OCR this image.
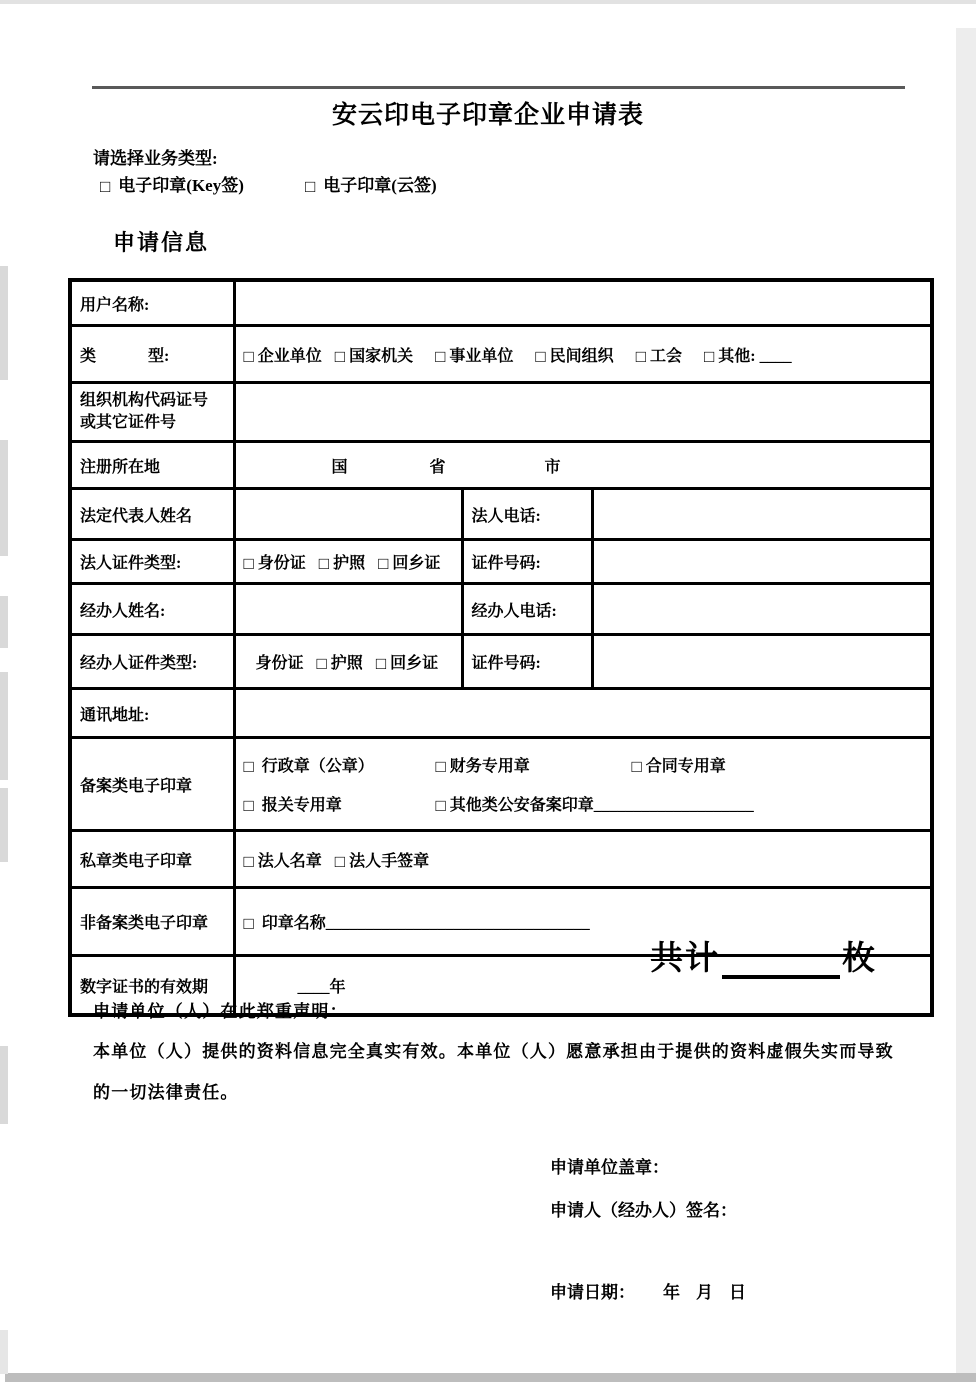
安云印电子印章企业申请表
请选择业务类型:
□ 电子印章(Key签)	□ 电子印章(云签)
申请信息
用户名称:			
类 型:	□ 企业单位 □ 国家机关 □ 事业单位 □ 民间组织 □ 工会 □ 其他: ____		

组织机构代码证号
或其它证件号			

注册所在地	国 省 市		
法定代表人姓名		法人电话:	
法人证件类型:	□ 身份证 □ 护照 □ 回乡证	证件号码:	
经办人姓名:		经办人电话:	
经办人证件类型:	身份证 □ 护照 □ 回乡证	证件号码:	
通讯地址:			
备案类电子印章	□ 行政章（公章） □ 财务专用章 □ 合同专用章
□ 报关专用章 □ 其他类公安备案印章____________________		

私章类电子印章	□ 法人名章 □ 法人手签章		
非备案类电子印章	□ 印章名称_________________________________		
数字证书的有效期	____年		
共计	枚
申请单位（人）在此郑重声明：
本单位（人）提供的资料信息完全真实有效。本单位（人）愿意承担由于提供的资料虚假失实而导致
的一切法律责任。
申请单位盖章：
申请人（经办人）签名：
申请日期： 年 月 日
